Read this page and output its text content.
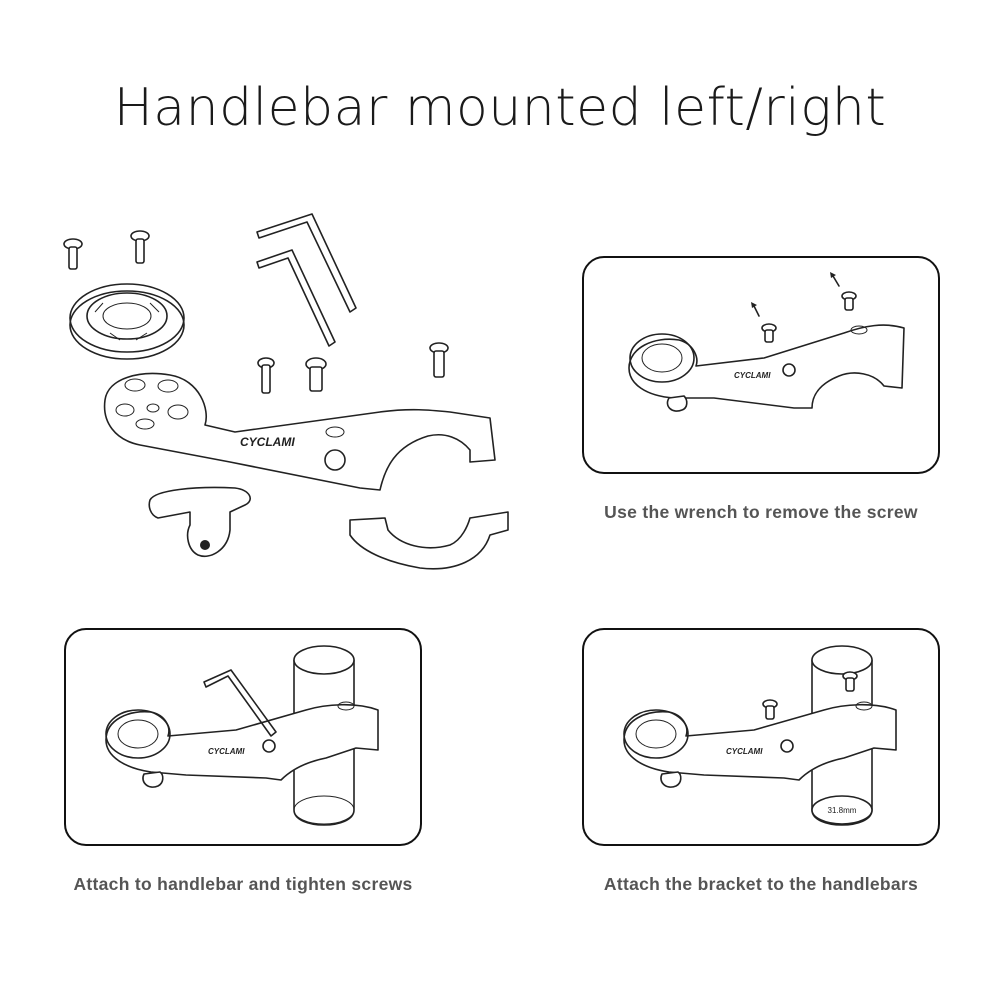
Handlebar mounted left/right
CYCLAMI
CYCLAMI
Use the wrench to remove the screw
CYCLAMI
Attach to handlebar and tighten screws
31.8mm
CYCLAMI
Attach the bracket to the handlebars
